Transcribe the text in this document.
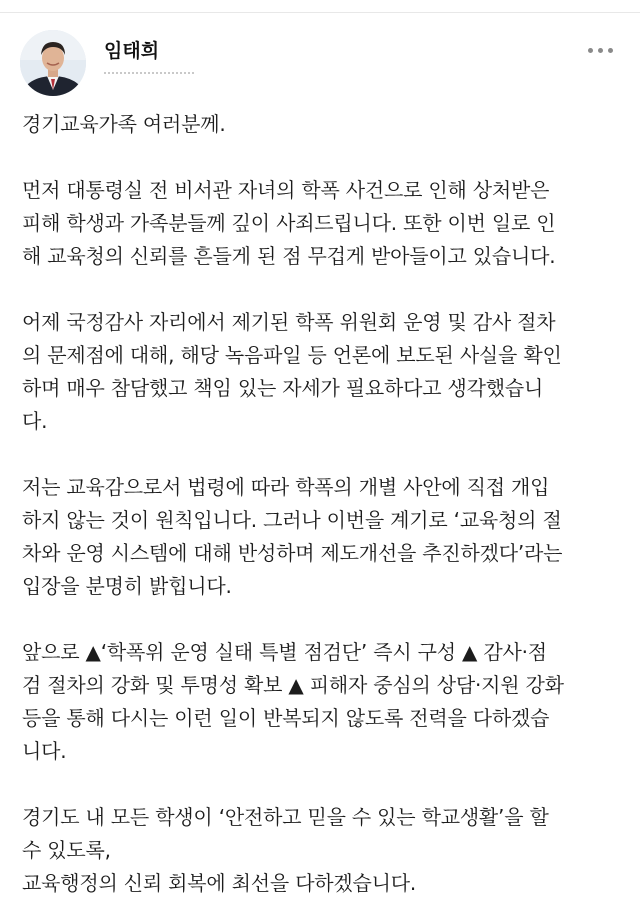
임태희

경기교육가족 여러분께.

먼저 대통령실 전 비서관 자녀의 학폭 사건으로 인해 상처받은
피해 학생과 가족분들께 깊이 사죄드립니다. 또한 이번 일로 인
해 교육청의 신뢰를 흔들게 된 점 무겁게 받아들이고 있습니다.

어제 국정감사 자리에서 제기된 학폭 위원회 운영 및 감사 절차
의 문제점에 대해, 해당 녹음파일 등 언론에 보도된 사실을 확인
하며 매우 참담했고 책임 있는 자세가 필요하다고 생각했습니
다.

저는 교육감으로서 법령에 따라 학폭의 개별 사안에 직접 개입
하지 않는 것이 원칙입니다. 그러나 이번을 계기로 ‘교육청의 절
차와 운영 시스템에 대해 반성하며 제도개선을 추진하겠다’라는
입장을 분명히 밝힙니다.

앞으로 ▲‘학폭위 운영 실태 특별 점검단’ 즉시 구성 ▲ 감사·점
검 절차의 강화 및 투명성 확보 ▲ 피해자 중심의 상담·지원 강화
등을 통해 다시는 이런 일이 반복되지 않도록 전력을 다하겠습
니다.

경기도 내 모든 학생이 ‘안전하고 믿을 수 있는 학교생활’을 할
수 있도록,
교육행정의 신뢰 회복에 최선을 다하겠습니다.
